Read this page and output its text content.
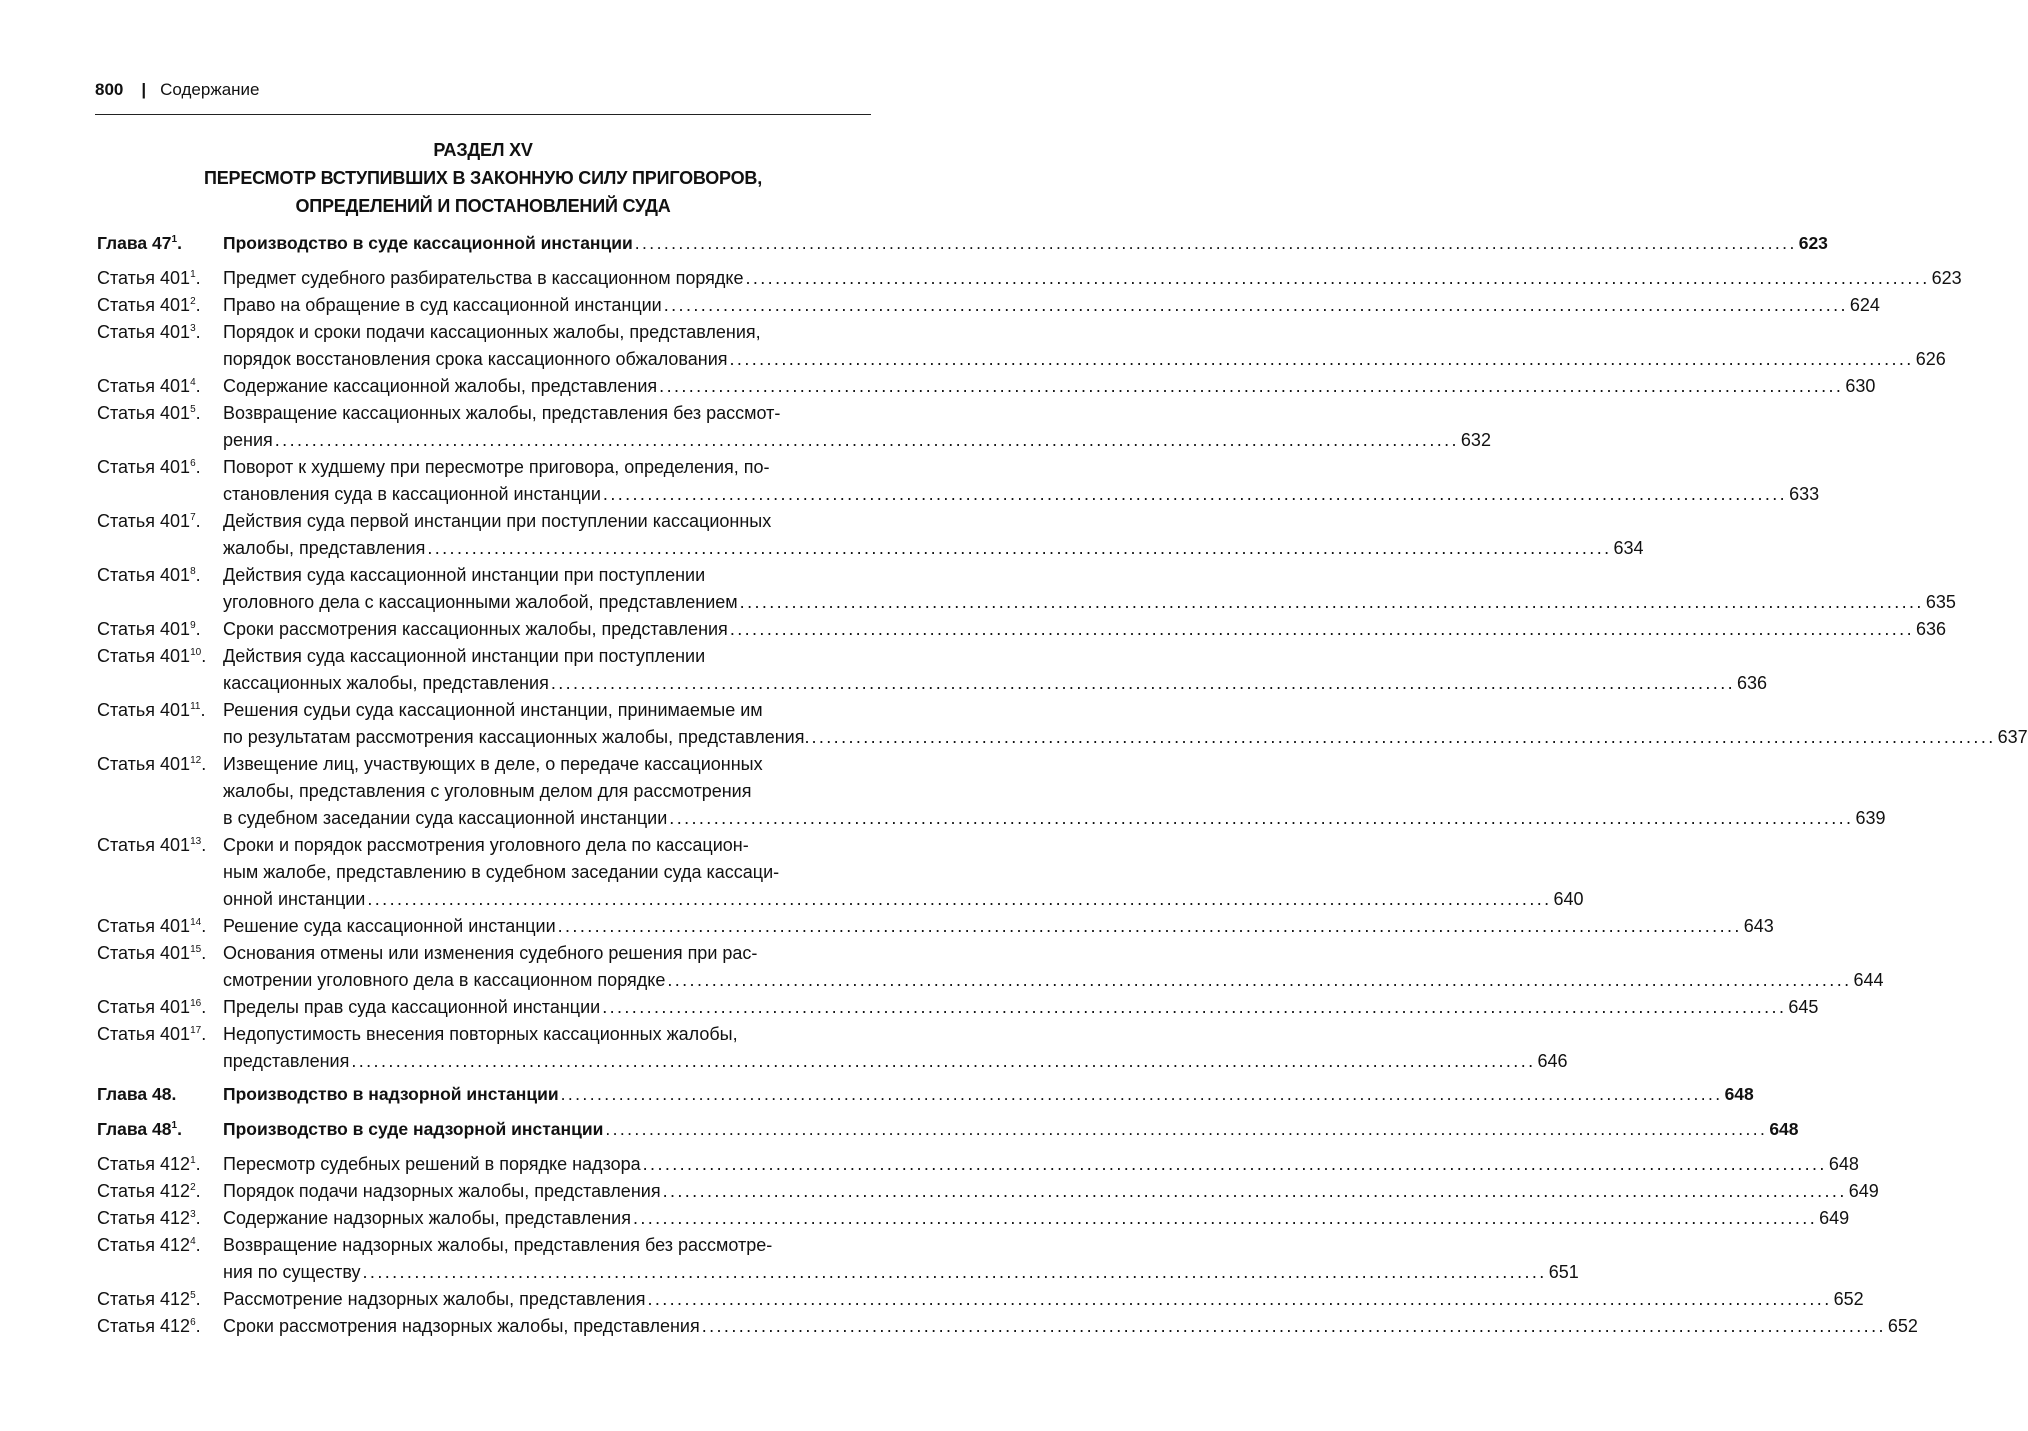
800 | Содержание
РАЗДЕЛ XV
ПЕРЕСМОТР ВСТУПИВШИХ В ЗАКОННУЮ СИЛУ ПРИГОВОРОВ,
ОПРЕДЕЛЕНИЙ И ПОСТАНОВЛЕНИЙ СУДА
Глава $47^1$.	Производство в суде кассационной инстанции ................................................................................................................................................................ 623
Статья $401^1$.	Предмет судебного разбирательства в кассационном порядке ................................................................................................................................................................ 623
Статья $401^2$.	Право на обращение в суд кассационной инстанции ................................................................................................................................................................ 624
Статья $401^3$.	Порядок и сроки подачи кассационных жалобы, представления,
порядок восстановления срока кассационного обжалования ................................................................................................................................................................ 626
Статья $401^4$.	Содержание кассационной жалобы, представления ................................................................................................................................................................ 630
Статья $401^5$.	Возвращение кассационных жалобы, представления без рассмот-
рения ................................................................................................................................................................ 632
Статья $401^6$.	Поворот к худшему при пересмотре приговора, определения, по-
становления суда в кассационной инстанции ................................................................................................................................................................ 633
Статья $401^7$.	Действия суда первой инстанции при поступлении кассационных
жалобы, представления ................................................................................................................................................................ 634
Статья $401^8$.	Действия суда кассационной инстанции при поступлении
уголовного дела с кассационными жалобой, представлением ................................................................................................................................................................ 635
Статья $401^9$.	Сроки рассмотрения кассационных жалобы, представления ................................................................................................................................................................ 636
Статья $401^{10}$. Действия суда кассационной инстанции при поступлении
кассационных жалобы, представления ................................................................................................................................................................ 636
Статья $401^{11}$. Решения судьи суда кассационной инстанции, принимаемые им
по результатам рассмотрения кассационных жалобы, представления. ................................................................................................................................................................ 637
Статья $401^{12}$. Извещение лиц, участвующих в деле, о передаче кассационных
жалобы, представления с уголовным делом для рассмотрения
в судебном заседании суда кассационной инстанции ................................................................................................................................................................ 639
Статья $401^{13}$. Сроки и порядок рассмотрения уголовного дела по кассацион-
ным жалобе, представлению в судебном заседании суда кассаци-
онной инстанции ................................................................................................................................................................ 640
Статья $401^{14}$. Решение суда кассационной инстанции ................................................................................................................................................................ 643
Статья $401^{15}$. Основания отмены или изменения судебного решения при рас-
смотрении уголовного дела в кассационном порядке ................................................................................................................................................................ 644
Статья $401^{16}$. Пределы прав суда кассационной инстанции ................................................................................................................................................................ 645
Статья $401^{17}$. Недопустимость внесения повторных кассационных жалобы,
представления ................................................................................................................................................................ 646
Глава 48.	Производство в надзорной инстанции ................................................................................................................................................................ 648
Глава $48^1$.	Производство в суде надзорной инстанции ................................................................................................................................................................ 648
Статья $412^1$.	Пересмотр судебных решений в порядке надзора ................................................................................................................................................................ 648
Статья $412^2$.	Порядок подачи надзорных жалобы, представления ................................................................................................................................................................ 649
Статья $412^3$.	Содержание надзорных жалобы, представления ................................................................................................................................................................ 649
Статья $412^4$.	Возвращение надзорных жалобы, представления без рассмотре-
ния по существу ................................................................................................................................................................ 651
Статья $412^5$.	Рассмотрение надзорных жалобы, представления ................................................................................................................................................................ 652
Статья $412^6$.	Сроки рассмотрения надзорных жалобы, представления ................................................................................................................................................................ 652
